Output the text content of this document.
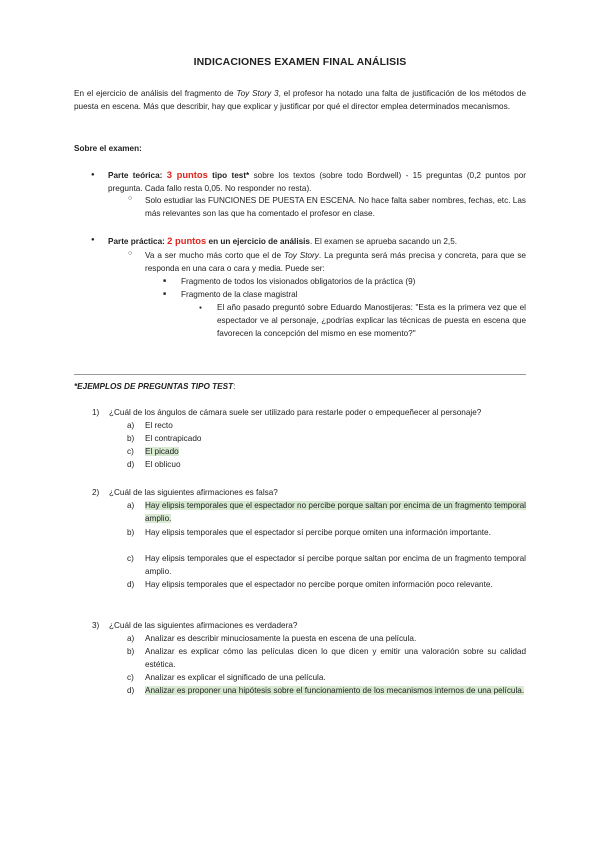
INDICACIONES EXAMEN FINAL ANÁLISIS
En el ejercicio de análisis del fragmento de Toy Story 3, el profesor ha notado una falta de justificación de los métodos de puesta en escena. Más que describir, hay que explicar y justificar por qué el director emplea determinados mecanismos.
Sobre el examen:
● Parte teórica: 3 puntos tipo test* sobre los textos (sobre todo Bordwell) - 15 preguntas (0,2 puntos por pregunta. Cada fallo resta 0,05. No responder no resta).
○ Solo estudiar las FUNCIONES DE PUESTA EN ESCENA. No hace falta saber nombres, fechas, etc. Las más relevantes son las que ha comentado el profesor en clase.
● Parte práctica: 2 puntos en un ejercicio de análisis. El examen se aprueba sacando un 2,5.
○ Va a ser mucho más corto que el de Toy Story. La pregunta será más precisa y concreta, para que se responda en una cara o cara y media. Puede ser:
■ Fragmento de todos los visionados obligatorios de la práctica (9)
■ Fragmento de la clase magistral
● El año pasado preguntó sobre Eduardo Manostijeras: "Esta es la primera vez que el espectador ve al personaje, ¿podrías explicar las técnicas de puesta en escena que favorecen la concepción del mismo en ese momento?"
*EJEMPLOS DE PREGUNTAS TIPO TEST:
1) ¿Cuál de los ángulos de cámara suele ser utilizado para restarle poder o empequeñecer al personaje?
a) El recto
b) El contrapicado
c) El picado
d) El oblicuo
2) ¿Cuál de las siguientes afirmaciones es falsa?
a) Hay elipsis temporales que el espectador no percibe porque saltan por encima de un fragmento temporal amplio.
b) Hay elipsis temporales que el espectador sí percibe porque omiten una información importante.
c) Hay elipsis temporales que el espectador sí percibe porque saltan por encima de un fragmento temporal amplio.
d) Hay elipsis temporales que el espectador no percibe porque omiten información poco relevante.
3) ¿Cuál de las siguientes afirmaciones es verdadera?
a) Analizar es describir minuciosamente la puesta en escena de una película.
b) Analizar es explicar cómo las películas dicen lo que dicen y emitir una valoración sobre su calidad estética.
c) Analizar es explicar el significado de una película.
d) Analizar es proponer una hipótesis sobre el funcionamiento de los mecanismos internos de una película.
